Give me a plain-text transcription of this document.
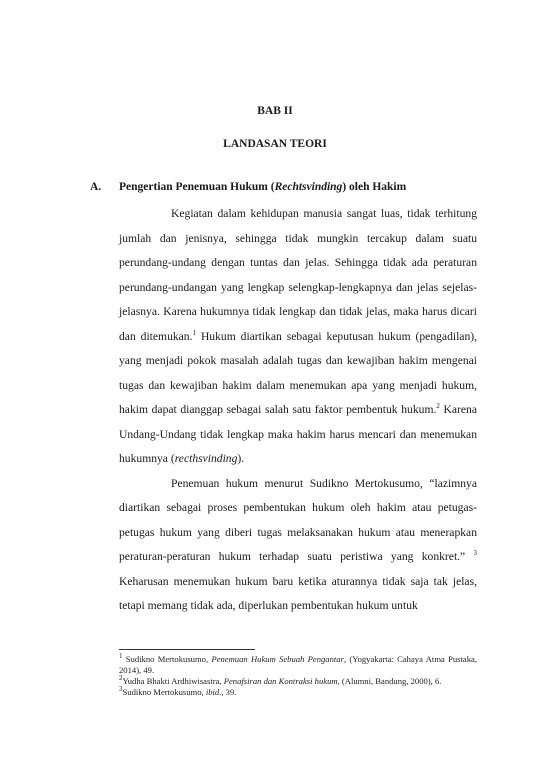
BAB II
LANDASAN TEORI
A. Pengertian Penemuan Hukum (Rechtsvinding) oleh Hakim

Kegiatan dalam kehidupan manusia sangat luas, tidak terhitung jumlah dan jenisnya, sehingga tidak mungkin tercakup dalam suatu perundang-undang dengan tuntas dan jelas. Sehingga tidak ada peraturan perundang-undangan yang lengkap selengkap-lengkapnya dan jelas sejelas-jelasnya. Karena hukumnya tidak lengkap dan tidak jelas, maka harus dicari dan ditemukan.$^1$ Hukum diartikan sebagai keputusan hukum (pengadilan), yang menjadi pokok masalah adalah tugas dan kewajiban hakim mengenai tugas dan kewajiban hakim dalam menemukan apa yang menjadi hukum, hakim dapat dianggap sebagai salah satu faktor pembentuk hukum.$^2$ Karena Undang-Undang tidak lengkap maka hakim harus mencari dan menemukan hukumnya (recthsvinding).

Penemuan hukum menurut Sudikno Mertokusumo, “lazimnya diartikan sebagai proses pembentukan hukum oleh hakim atau petugas-petugas hukum yang diberi tugas melaksanakan hukum atau menerapkan peraturan-peraturan hukum terhadap suatu peristiwa yang konkret.” $^3$ Keharusan menemukan hukum baru ketika aturannya tidak saja tak jelas, tetapi memang tidak ada, diperlukan pembentukan hukum untuk

$^1$ Sudikno Mertokusumo, Penemuan Hukum Sebuah Pengantar, (Yogyakarta: Cahaya Atma Pustaka, 2014), 49.

$^2$Yudha Bhakti Ardhiwisastra, Penafsiran dan Kontraksi hukum, (Alumni, Bandung, 2000), 6.

$^3$Sudikno Mertokusumo, ibid., 39.
